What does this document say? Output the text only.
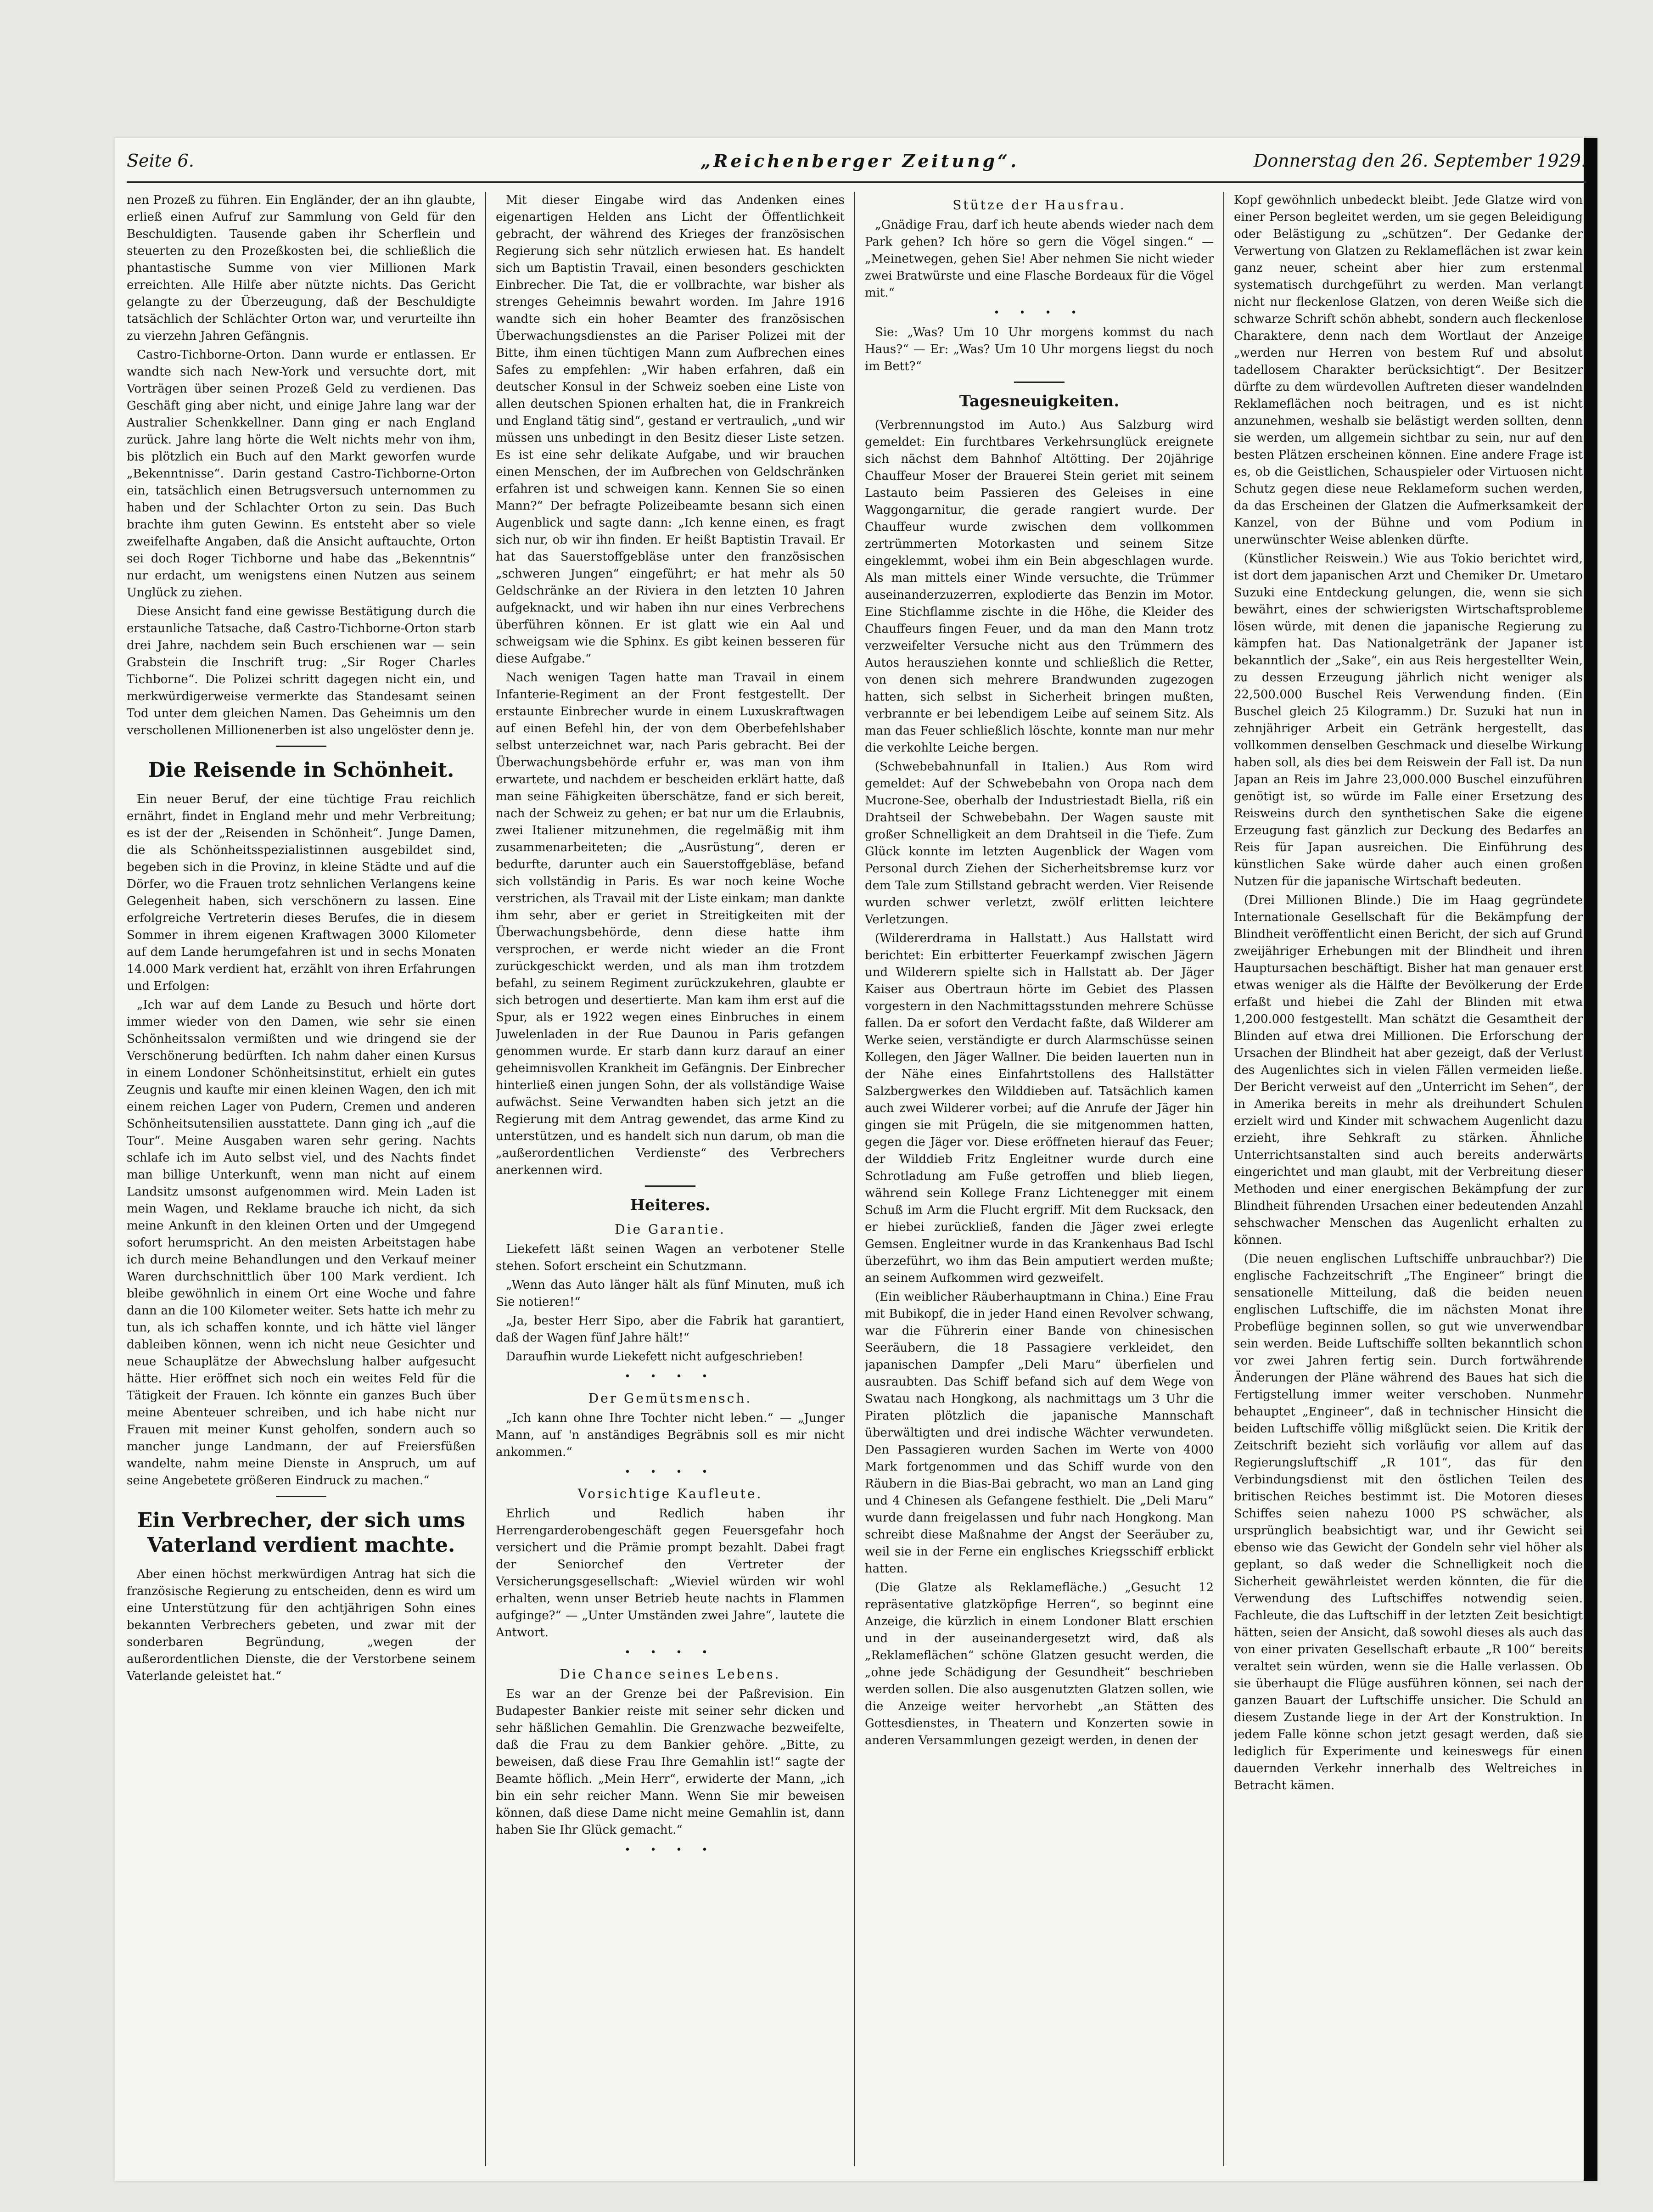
Seite 6.	„Reichenberger Zeitung“.	Donnerstag den 26. September 1929.

nen Prozeß zu führen. Ein Engländer, der an ihn glaubte, erließ einen Aufruf zur Sammlung von Geld für den Beschuldigten. Tausende gaben ihr Scherflein und steuerten zu den Prozeßkosten bei, die schließlich die phantastische Summe von vier Millionen Mark erreichten. Alle Hilfe aber nützte nichts. Das Gericht gelangte zu der Überzeugung, daß der Beschuldigte tatsächlich der Schlächter Orton war, und verurteilte ihn zu vierzehn Jahren Gefängnis.

Castro-Tichborne-Orton. Dann wurde er entlassen. Er wandte sich nach New-York und versuchte dort, mit Vorträgen über seinen Prozeß Geld zu verdienen. Das Geschäft ging aber nicht, und einige Jahre lang war der Australier Schenkkellner. Dann ging er nach England zurück. Jahre lang hörte die Welt nichts mehr von ihm, bis plötzlich ein Buch auf den Markt geworfen wurde „Bekenntnisse“. Darin gestand Castro-Tichborne-Orton ein, tatsächlich einen Betrugsversuch unternommen zu haben und der Schlachter Orton zu sein. Das Buch brachte ihm guten Gewinn. Es entsteht aber so viele zweifelhafte Angaben, daß die Ansicht auftauchte, Orton sei doch Roger Tichborne und habe das „Bekenntnis“ nur erdacht, um wenigstens einen Nutzen aus seinem Unglück zu ziehen.

Diese Ansicht fand eine gewisse Bestätigung durch die erstaunliche Tatsache, daß Castro-Tichborne-Orton starb drei Jahre, nachdem sein Buch erschienen war — sein Grabstein die Inschrift trug: „Sir Roger Charles Tichborne“. Die Polizei schritt dagegen nicht ein, und merkwürdigerweise vermerkte das Standesamt seinen Tod unter dem gleichen Namen. Das Geheimnis um den verschollenen Millionenerben ist also ungelöster denn je.

Die Reisende in Schönheit.

Ein neuer Beruf, der eine tüchtige Frau reichlich ernährt, findet in England mehr und mehr Verbreitung; es ist der der „Reisenden in Schönheit“. Junge Damen, die als Schönheitsspezialistinnen ausgebildet sind, begeben sich in die Provinz, in kleine Städte und auf die Dörfer, wo die Frauen trotz sehnlichen Verlangens keine Gelegenheit haben, sich verschönern zu lassen. Eine erfolgreiche Vertreterin dieses Berufes, die in diesem Sommer in ihrem eigenen Kraftwagen 3000 Kilometer auf dem Lande herumgefahren ist und in sechs Monaten 14.000 Mark verdient hat, erzählt von ihren Erfahrungen und Erfolgen:

„Ich war auf dem Lande zu Besuch und hörte dort immer wieder von den Damen, wie sehr sie einen Schönheitssalon vermißten und wie dringend sie der Verschönerung bedürften. Ich nahm daher einen Kursus in einem Londoner Schönheitsinstitut, erhielt ein gutes Zeugnis und kaufte mir einen kleinen Wagen, den ich mit einem reichen Lager von Pudern, Cremen und anderen Schönheitsutensilien ausstattete. Dann ging ich „auf die Tour“. Meine Ausgaben waren sehr gering. Nachts schlafe ich im Auto selbst viel, und des Nachts findet man billige Unterkunft, wenn man nicht auf einem Landsitz umsonst aufgenommen wird. Mein Laden ist mein Wagen, und Reklame brauche ich nicht, da sich meine Ankunft in den kleinen Orten und der Umgegend sofort herumspricht. An den meisten Arbeitstagen habe ich durch meine Behandlungen und den Verkauf meiner Waren durchschnittlich über 100 Mark verdient. Ich bleibe gewöhnlich in einem Ort eine Woche und fahre dann an die 100 Kilometer weiter. Sets hatte ich mehr zu tun, als ich schaffen konnte, und ich hätte viel länger dableiben können, wenn ich nicht neue Gesichter und neue Schauplätze der Abwechslung halber aufgesucht hätte. Hier eröffnet sich noch ein weites Feld für die Tätigkeit der Frauen. Ich könnte ein ganzes Buch über meine Abenteuer schreiben, und ich habe nicht nur Frauen mit meiner Kunst geholfen, sondern auch so mancher junge Landmann, der auf Freiersfüßen wandelte, nahm meine Dienste in Anspruch, um auf seine Angebetete größeren Eindruck zu machen.“

Ein Verbrecher, der sich ums Vaterland verdient machte.

Aber einen höchst merkwürdigen Antrag hat sich die französische Regierung zu entscheiden, denn es wird um eine Unterstützung für den achtjährigen Sohn eines bekannten Verbrechers gebeten, und zwar mit der sonderbaren Begründung, „wegen der außerordentlichen Dienste, die der Verstorbene seinem Vaterlande geleistet hat.“

Mit dieser Eingabe wird das Andenken eines eigenartigen Helden ans Licht der Öffentlichkeit gebracht, der während des Krieges der französischen Regierung sich sehr nützlich erwiesen hat. Es handelt sich um Baptistin Travail, einen besonders geschickten Einbrecher. Die Tat, die er vollbrachte, war bisher als strenges Geheimnis bewahrt worden. Im Jahre 1916 wandte sich ein hoher Beamter des französischen Überwachungsdienstes an die Pariser Polizei mit der Bitte, ihm einen tüchtigen Mann zum Aufbrechen eines Safes zu empfehlen: „Wir haben erfahren, daß ein deutscher Konsul in der Schweiz soeben eine Liste von allen deutschen Spionen erhalten hat, die in Frankreich und England tätig sind“, gestand er vertraulich, „und wir müssen uns unbedingt in den Besitz dieser Liste setzen. Es ist eine sehr delikate Aufgabe, und wir brauchen einen Menschen, der im Aufbrechen von Geldschränken erfahren ist und schweigen kann. Kennen Sie so einen Mann?“ Der befragte Polizeibeamte besann sich einen Augenblick und sagte dann: „Ich kenne einen, es fragt sich nur, ob wir ihn finden. Er heißt Baptistin Travail. Er hat das Sauerstoffgebläse unter den französischen „schweren Jungen“ eingeführt; er hat mehr als 50 Geldschränke an der Riviera in den letzten 10 Jahren aufgeknackt, und wir haben ihn nur eines Verbrechens überführen können. Er ist glatt wie ein Aal und schweigsam wie die Sphinx. Es gibt keinen besseren für diese Aufgabe.“

Nach wenigen Tagen hatte man Travail in einem Infanterie-Regiment an der Front festgestellt. Der erstaunte Einbrecher wurde in einem Luxuskraftwagen auf einen Befehl hin, der von dem Oberbefehlshaber selbst unterzeichnet war, nach Paris gebracht. Bei der Überwachungsbehörde erfuhr er, was man von ihm erwartete, und nachdem er bescheiden erklärt hatte, daß man seine Fähigkeiten überschätze, fand er sich bereit, nach der Schweiz zu gehen; er bat nur um die Erlaubnis, zwei Italiener mitzunehmen, die regelmäßig mit ihm zusammenarbeiteten; die „Ausrüstung“, deren er bedurfte, darunter auch ein Sauerstoffgebläse, befand sich vollständig in Paris. Es war noch keine Woche verstrichen, als Travail mit der Liste einkam; man dankte ihm sehr, aber er geriet in Streitigkeiten mit der Überwachungsbehörde, denn diese hatte ihm versprochen, er werde nicht wieder an die Front zurückgeschickt werden, und als man ihm trotzdem befahl, zu seinem Regiment zurückzukehren, glaubte er sich betrogen und desertierte. Man kam ihm erst auf die Spur, als er 1922 wegen eines Einbruches in einem Juwelenladen in der Rue Daunou in Paris gefangen genommen wurde. Er starb dann kurz darauf an einer geheimnisvollen Krankheit im Gefängnis. Der Einbrecher hinterließ einen jungen Sohn, der als vollständige Waise aufwächst. Seine Verwandten haben sich jetzt an die Regierung mit dem Antrag gewendet, das arme Kind zu unterstützen, und es handelt sich nun darum, ob man die „außerordentlichen Verdienste“ des Verbrechers anerkennen wird.

Heiteres.
Die Garantie.

Liekefett läßt seinen Wagen an verbotener Stelle stehen. Sofort erscheint ein Schutzmann.

„Wenn das Auto länger hält als fünf Minuten, muß ich Sie notieren!“

„Ja, bester Herr Sipo, aber die Fabrik hat garantiert, daß der Wagen fünf Jahre hält!“

Daraufhin wurde Liekefett nicht aufgeschrieben!

• • • •
Der Gemütsmensch.

„Ich kann ohne Ihre Tochter nicht leben.“ — „Junger Mann, auf 'n anständiges Begräbnis soll es mir nicht ankommen.“

• • • •
Vorsichtige Kaufleute.

Ehrlich und Redlich haben ihr Herrengarderobengeschäft gegen Feuersgefahr hoch versichert und die Prämie prompt bezahlt. Dabei fragt der Seniorchef den Vertreter der Versicherungsgesellschaft: „Wieviel würden wir wohl erhalten, wenn unser Betrieb heute nachts in Flammen aufginge?“ — „Unter Umständen zwei Jahre“, lautete die Antwort.

• • • •
Die Chance seines Lebens.

Es war an der Grenze bei der Paßrevision. Ein Budapester Bankier reiste mit seiner sehr dicken und sehr häßlichen Gemahlin. Die Grenzwache bezweifelte, daß die Frau zu dem Bankier gehöre. „Bitte, zu beweisen, daß diese Frau Ihre Gemahlin ist!“ sagte der Beamte höflich. „Mein Herr“, erwiderte der Mann, „ich bin ein sehr reicher Mann. Wenn Sie mir beweisen können, daß diese Dame nicht meine Gemahlin ist, dann haben Sie Ihr Glück gemacht.“

• • • •
Stütze der Hausfrau.

„Gnädige Frau, darf ich heute abends wieder nach dem Park gehen? Ich höre so gern die Vögel singen.“ — „Meinetwegen, gehen Sie! Aber nehmen Sie nicht wieder zwei Bratwürste und eine Flasche Bordeaux für die Vögel mit.“

• • • •

Sie: „Was? Um 10 Uhr morgens kommst du nach Haus?“ — Er: „Was? Um 10 Uhr morgens liegst du noch im Bett?“

Tagesneuigkeiten.

(Verbrennungstod im Auto.) Aus Salzburg wird gemeldet: Ein furchtbares Verkehrsunglück ereignete sich nächst dem Bahnhof Altötting. Der 20jährige Chauffeur Moser der Brauerei Stein geriet mit seinem Lastauto beim Passieren des Geleises in eine Waggongarnitur, die gerade rangiert wurde. Der Chauffeur wurde zwischen dem vollkommen zertrümmerten Motorkasten und seinem Sitze eingeklemmt, wobei ihm ein Bein abgeschlagen wurde. Als man mittels einer Winde versuchte, die Trümmer auseinanderzuzerren, explodierte das Benzin im Motor. Eine Stichflamme zischte in die Höhe, die Kleider des Chauffeurs fingen Feuer, und da man den Mann trotz verzweifelter Versuche nicht aus den Trümmern des Autos herausziehen konnte und schließlich die Retter, von denen sich mehrere Brandwunden zugezogen hatten, sich selbst in Sicherheit bringen mußten, verbrannte er bei lebendigem Leibe auf seinem Sitz. Als man das Feuer schließlich löschte, konnte man nur mehr die verkohlte Leiche bergen.

(Schwebebahnunfall in Italien.) Aus Rom wird gemeldet: Auf der Schwebebahn von Oropa nach dem Mucrone-See, oberhalb der Industriestadt Biella, riß ein Drahtseil der Schwebebahn. Der Wagen sauste mit großer Schnelligkeit an dem Drahtseil in die Tiefe. Zum Glück konnte im letzten Augenblick der Wagen vom Personal durch Ziehen der Sicherheitsbremse kurz vor dem Tale zum Stillstand gebracht werden. Vier Reisende wurden schwer verletzt, zwölf erlitten leichtere Verletzungen.

(Wildererdrama in Hallstatt.) Aus Hallstatt wird berichtet: Ein erbitterter Feuerkampf zwischen Jägern und Wilderern spielte sich in Hallstatt ab. Der Jäger Kaiser aus Obertraun hörte im Gebiet des Plassen vorgestern in den Nachmittagsstunden mehrere Schüsse fallen. Da er sofort den Verdacht faßte, daß Wilderer am Werke seien, verständigte er durch Alarmschüsse seinen Kollegen, den Jäger Wallner. Die beiden lauerten nun in der Nähe eines Einfahrtstollens des Hallstätter Salzbergwerkes den Wilddieben auf. Tatsächlich kamen auch zwei Wilderer vorbei; auf die Anrufe der Jäger hin gingen sie mit Prügeln, die sie mitgenommen hatten, gegen die Jäger vor. Diese eröffneten hierauf das Feuer; der Wilddieb Fritz Engleitner wurde durch eine Schrotladung am Fuße getroffen und blieb liegen, während sein Kollege Franz Lichtenegger mit einem Schuß im Arm die Flucht ergriff. Mit dem Rucksack, den er hiebei zurückließ, fanden die Jäger zwei erlegte Gemsen. Engleitner wurde in das Krankenhaus Bad Ischl überzeführt, wo ihm das Bein amputiert werden mußte; an seinem Aufkommen wird gezweifelt.

(Ein weiblicher Räuberhauptmann in China.) Eine Frau mit Bubikopf, die in jeder Hand einen Revolver schwang, war die Führerin einer Bande von chinesischen Seeräubern, die 18 Passagiere verkleidet, den japanischen Dampfer „Deli Maru“ überfielen und ausraubten. Das Schiff befand sich auf dem Wege von Swatau nach Hongkong, als nachmittags um 3 Uhr die Piraten plötzlich die japanische Mannschaft überwältigten und drei indische Wächter verwundeten. Den Passagieren wurden Sachen im Werte von 4000 Mark fortgenommen und das Schiff wurde von den Räubern in die Bias-Bai gebracht, wo man an Land ging und 4 Chinesen als Gefangene festhielt. Die „Deli Maru“ wurde dann freigelassen und fuhr nach Hongkong. Man schreibt diese Maßnahme der Angst der Seeräuber zu, weil sie in der Ferne ein englisches Kriegsschiff erblickt hatten.

(Die Glatze als Reklamefläche.) „Gesucht 12 repräsentative glatzköpfige Herren“, so beginnt eine Anzeige, die kürzlich in einem Londoner Blatt erschien und in der auseinandergesetzt wird, daß als „Reklameflächen“ schöne Glatzen gesucht werden, die „ohne jede Schädigung der Gesundheit“ beschrieben werden sollen. Die also ausgenutzten Glatzen sollen, wie die Anzeige weiter hervorhebt „an Stätten des Gottesdienstes, in Theatern und Konzerten sowie in anderen Versammlungen gezeigt werden, in denen der

Kopf gewöhnlich unbedeckt bleibt. Jede Glatze wird von einer Person begleitet werden, um sie gegen Beleidigung oder Belästigung zu „schützen“. Der Gedanke der Verwertung von Glatzen zu Reklameflächen ist zwar kein ganz neuer, scheint aber hier zum erstenmal systematisch durchgeführt zu werden. Man verlangt nicht nur fleckenlose Glatzen, von deren Weiße sich die schwarze Schrift schön abhebt, sondern auch fleckenlose Charaktere, denn nach dem Wortlaut der Anzeige „werden nur Herren von bestem Ruf und absolut tadellosem Charakter berücksichtigt“. Der Besitzer dürfte zu dem würdevollen Auftreten dieser wandelnden Reklameflächen noch beitragen, und es ist nicht anzunehmen, weshalb sie belästigt werden sollten, denn sie werden, um allgemein sichtbar zu sein, nur auf den besten Plätzen erscheinen können. Eine andere Frage ist es, ob die Geistlichen, Schauspieler oder Virtuosen nicht Schutz gegen diese neue Reklameform suchen werden, da das Erscheinen der Glatzen die Aufmerksamkeit der Kanzel, von der Bühne und vom Podium in unerwünschter Weise ablenken dürfte.

(Künstlicher Reiswein.) Wie aus Tokio berichtet wird, ist dort dem japanischen Arzt und Chemiker Dr. Umetaro Suzuki eine Entdeckung gelungen, die, wenn sie sich bewährt, eines der schwierigsten Wirtschaftsprobleme lösen würde, mit denen die japanische Regierung zu kämpfen hat. Das Nationalgetränk der Japaner ist bekanntlich der „Sake“, ein aus Reis hergestellter Wein, zu dessen Erzeugung jährlich nicht weniger als 22,500.000 Buschel Reis Verwendung finden. (Ein Buschel gleich 25 Kilogramm.) Dr. Suzuki hat nun in zehnjähriger Arbeit ein Getränk hergestellt, das vollkommen denselben Geschmack und dieselbe Wirkung haben soll, als dies bei dem Reiswein der Fall ist. Da nun Japan an Reis im Jahre 23,000.000 Buschel einzuführen genötigt ist, so würde im Falle einer Ersetzung des Reisweins durch den synthetischen Sake die eigene Erzeugung fast gänzlich zur Deckung des Bedarfes an Reis für Japan ausreichen. Die Einführung des künstlichen Sake würde daher auch einen großen Nutzen für die japanische Wirtschaft bedeuten.

(Drei Millionen Blinde.) Die im Haag gegründete Internationale Gesellschaft für die Bekämpfung der Blindheit veröffentlicht einen Bericht, der sich auf Grund zweijähriger Erhebungen mit der Blindheit und ihren Hauptursachen beschäftigt. Bisher hat man genauer erst etwas weniger als die Hälfte der Bevölkerung der Erde erfaßt und hiebei die Zahl der Blinden mit etwa 1,200.000 festgestellt. Man schätzt die Gesamtheit der Blinden auf etwa drei Millionen. Die Erforschung der Ursachen der Blindheit hat aber gezeigt, daß der Verlust des Augenlichtes sich in vielen Fällen vermeiden ließe. Der Bericht verweist auf den „Unterricht im Sehen“, der in Amerika bereits in mehr als dreihundert Schulen erzielt wird und Kinder mit schwachem Augenlicht dazu erzieht, ihre Sehkraft zu stärken. Ähnliche Unterrichtsanstalten sind auch bereits anderwärts eingerichtet und man glaubt, mit der Verbreitung dieser Methoden und einer energischen Bekämpfung der zur Blindheit führenden Ursachen einer bedeutenden Anzahl sehschwacher Menschen das Augenlicht erhalten zu können.

(Die neuen englischen Luftschiffe unbrauchbar?) Die englische Fachzeitschrift „The Engineer“ bringt die sensationelle Mitteilung, daß die beiden neuen englischen Luftschiffe, die im nächsten Monat ihre Probeflüge beginnen sollen, so gut wie unverwendbar sein werden. Beide Luftschiffe sollten bekanntlich schon vor zwei Jahren fertig sein. Durch fortwährende Änderungen der Pläne während des Baues hat sich die Fertigstellung immer weiter verschoben. Nunmehr behauptet „Engineer“, daß in technischer Hinsicht die beiden Luftschiffe völlig mißglückt seien. Die Kritik der Zeitschrift bezieht sich vorläufig vor allem auf das Regierungsluftschiff „R 101“, das für den Verbindungsdienst mit den östlichen Teilen des britischen Reiches bestimmt ist. Die Motoren dieses Schiffes seien nahezu 1000 PS schwächer, als ursprünglich beabsichtigt war, und ihr Gewicht sei ebenso wie das Gewicht der Gondeln sehr viel höher als geplant, so daß weder die Schnelligkeit noch die Sicherheit gewährleistet werden könnten, die für die Verwendung des Luftschiffes notwendig seien. Fachleute, die das Luftschiff in der letzten Zeit besichtigt hätten, seien der Ansicht, daß sowohl dieses als auch das von einer privaten Gesellschaft erbaute „R 100“ bereits veraltet sein würden, wenn sie die Halle verlassen. Ob sie überhaupt die Flüge ausführen können, sei nach der ganzen Bauart der Luftschiffe unsicher. Die Schuld an diesem Zustande liege in der Art der Konstruktion. In jedem Falle könne schon jetzt gesagt werden, daß sie lediglich für Experimente und keineswegs für einen dauernden Verkehr innerhalb des Weltreiches in Betracht kämen.
